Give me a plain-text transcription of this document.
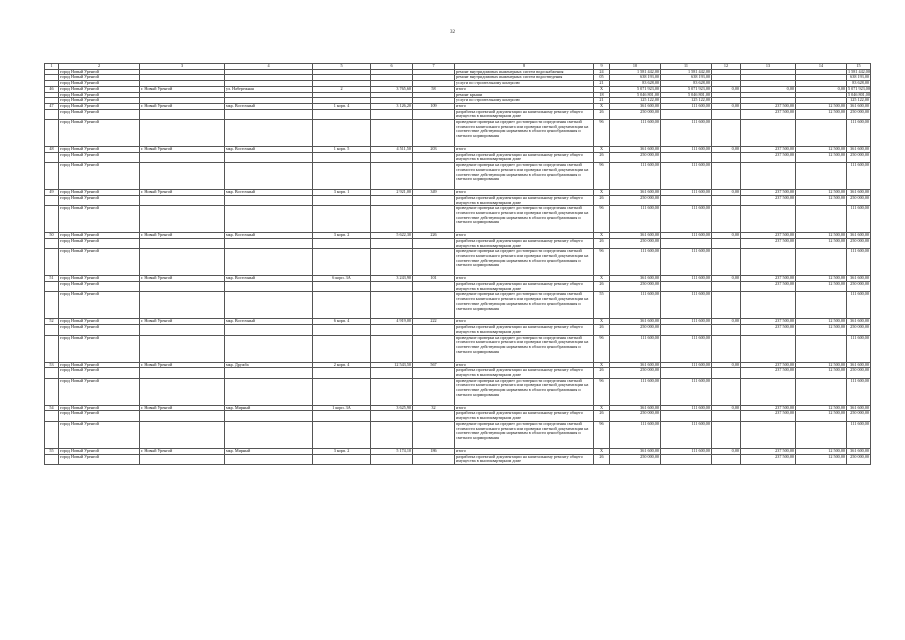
32
1	2	3	4	5	6	7	8	9	10	11	12	13	14	15
	город Новый Уренгой						ремонт внутридомовых инженерных систем водоснабжения	24	1 581 442,00	1 581 442,00				1 581 442,00
	город Новый Уренгой						ремонт внутридомовых инженерных систем водоотведения	05	638 193,00	638 193,00				638 193,00
	город Новый Уренгой						услуги по строительному контролю	21	83 628,00	83 628,00				83 628,00
46	город Новый Уренгой	г. Новый Уренгой	ул. Набережная	2	3 765,60	58	итого	X	5 071 923,00	5 071 923,00	0,00	0,00	0,00	5 071 923,00
	город Новый Уренгой						ремонт крыши	18	5 046 801,00	5 046 801,00				5 046 801,00
	город Новый Уренгой						услуги по строительному контролю	21	125 122,00	125 122,00				125 122,00
47	город Новый Уренгой	г. Новый Уренгой	мкр. Восточный	1 корп. 4	3 126,20	109	итого	X	361 600,00	111 600,00	0,00	237 500,00	12 500,00	361 600,00
	город Новый Уренгой						разработка проектной документации на капитальному ремонту общего имущества в многоквартирном доме	26	250 000,00			237 500,00	12 500,00	250 000,00
	город Новый Уренгой						проведение проверки на предмет достоверности определения сметной стоимости капитального ремонта или проверки сметной документации на соответствие действующим нормативам в области ценообразования и сметного нормирования	96	111 600,00	111 600,00				111 600,00
48	город Новый Уренгой	г. Новый Уренгой	мкр. Восточный	1 корп. 5	4 511,50	203	итого	X	361 600,00	111 600,00	0,00	237 500,00	12 500,00	361 600,00
	город Новый Уренгой						разработка проектной документации на капитальному ремонту общего имущества в многоквартирном доме	26	250 000,00			237 500,00	12 500,00	250 000,00
	город Новый Уренгой						проведение проверки на предмет достоверности определения сметной стоимости капитального ремонта или проверки сметной документации на соответствие действующим нормативам в области ценообразования и сметного нормирования	96	111 600,00	111 600,00				111 600,00
49	город Новый Уренгой	г. Новый Уренгой	мкр. Восточный	3 корп. 1	2 921,00	349	итого	X	361 600,00	111 600,00	0,00	237 500,00	12 500,00	361 600,00
	город Новый Уренгой						разработка проектной документации на капитальному ремонту общего имущества в многоквартирном доме	26	250 000,00			237 500,00	12 500,00	250 000,00
	город Новый Уренгой						проведение проверки на предмет достоверности определения сметной стоимости капитального ремонта или проверки сметной документации на соответствие действующим нормативам в области ценообразования и сметного нормирования	96	111 600,00	111 600,00				111 600,00
50	город Новый Уренгой	г. Новый Уренгой	мкр. Восточный	3 корп. 2	5 622,30	226	итого	X	361 600,00	111 600,00	0,00	237 500,00	12 500,00	361 600,00
	город Новый Уренгой						разработка проектной документации на капитальному ремонту общего имущества в многоквартирном доме	26	250 000,00			237 500,00	12 500,00	250 000,00
	город Новый Уренгой						проведение проверки на предмет достоверности определения сметной стоимости капитального ремонта или проверки сметной документации на соответствие действующим нормативам в области ценообразования и сметного нормирования	96	111 600,00	111 600,00				111 600,00
51	город Новый Уренгой	г. Новый Уренгой	мкр. Восточный	6 корп. 3А	3 243,90	101	итого	X	361 600,00	111 600,00	0,00	237 500,00	12 500,00	361 600,00
	город Новый Уренгой						разработка проектной документации на капитальному ремонту общего имущества в многоквартирном доме	26	250 000,00			237 500,00	12 500,00	250 000,00
	город Новый Уренгой						проведение проверки на предмет достоверности определения сметной стоимости капитального ремонта или проверки сметной документации на соответствие действующим нормативам в области ценообразования и сметного нормирования	55	111 600,00	111 600,00				111 600,00
52	город Новый Уренгой	г. Новый Уренгой	мкр. Восточный	6 корп. 4	4 919,00	222	итого	X	361 600,00	111 600,00	0,00	237 500,00	12 500,00	361 600,00
	город Новый Уренгой						разработка проектной документации на капитальному ремонту общего имущества в многоквартирном доме	26	250 000,00			237 500,00	12 500,00	250 000,00
	город Новый Уренгой						проведение проверки на предмет достоверности определения сметной стоимости капитального ремонта или проверки сметной документации на соответствие действующим нормативам в области ценообразования и сметного нормирования	96	111 600,00	111 600,00				111 600,00
53	город Новый Уренгой	г. Новый Уренгой	мкр. Дружба	2 корп. 4	12 543,50	567	итого	X	361 600,00	111 600,00	0,00	237 500,00	12 500,00	361 600,00
	город Новый Уренгой						разработка проектной документации на капитальному ремонту общего имущества в многоквартирном доме	26	250 000,00			237 500,00	12 500,00	250 000,00
	город Новый Уренгой						проведение проверки на предмет достоверности определения сметной стоимости капитального ремонта или проверки сметной документации на соответствие действующим нормативам в области ценообразования и сметного нормирования	96	111 600,00	111 600,00				111 600,00
54	город Новый Уренгой	г. Новый Уренгой	мкр. Мирный	1 корп. 3А	3 625,90	32	итого	X	361 600,00	111 600,00	0,00	237 500,00	12 500,00	361 600,00
	город Новый Уренгой						разработка проектной документации на капитальному ремонту общего имущества в многоквартирном доме	26	250 000,00			237 500,00	12 500,00	250 000,00
	город Новый Уренгой						проведение проверки на предмет достоверности определения сметной стоимости капитального ремонта или проверки сметной документации на соответствие действующим нормативам в области ценообразования и сметного нормирования	96	111 600,00	111 600,00				111 600,00
55	город Новый Уренгой	г. Новый Уренгой	мкр. Мирный	3 корп. 2	5 174,10	186	итого	X	361 600,00	111 600,00	0,00	237 500,00	12 500,00	361 600,00
	город Новый Уренгой						разработка проектной документации на капитальному ремонту общего имущества в многоквартирном доме	26	250 000,00			237 500,00	12 500,00	250 000,00
